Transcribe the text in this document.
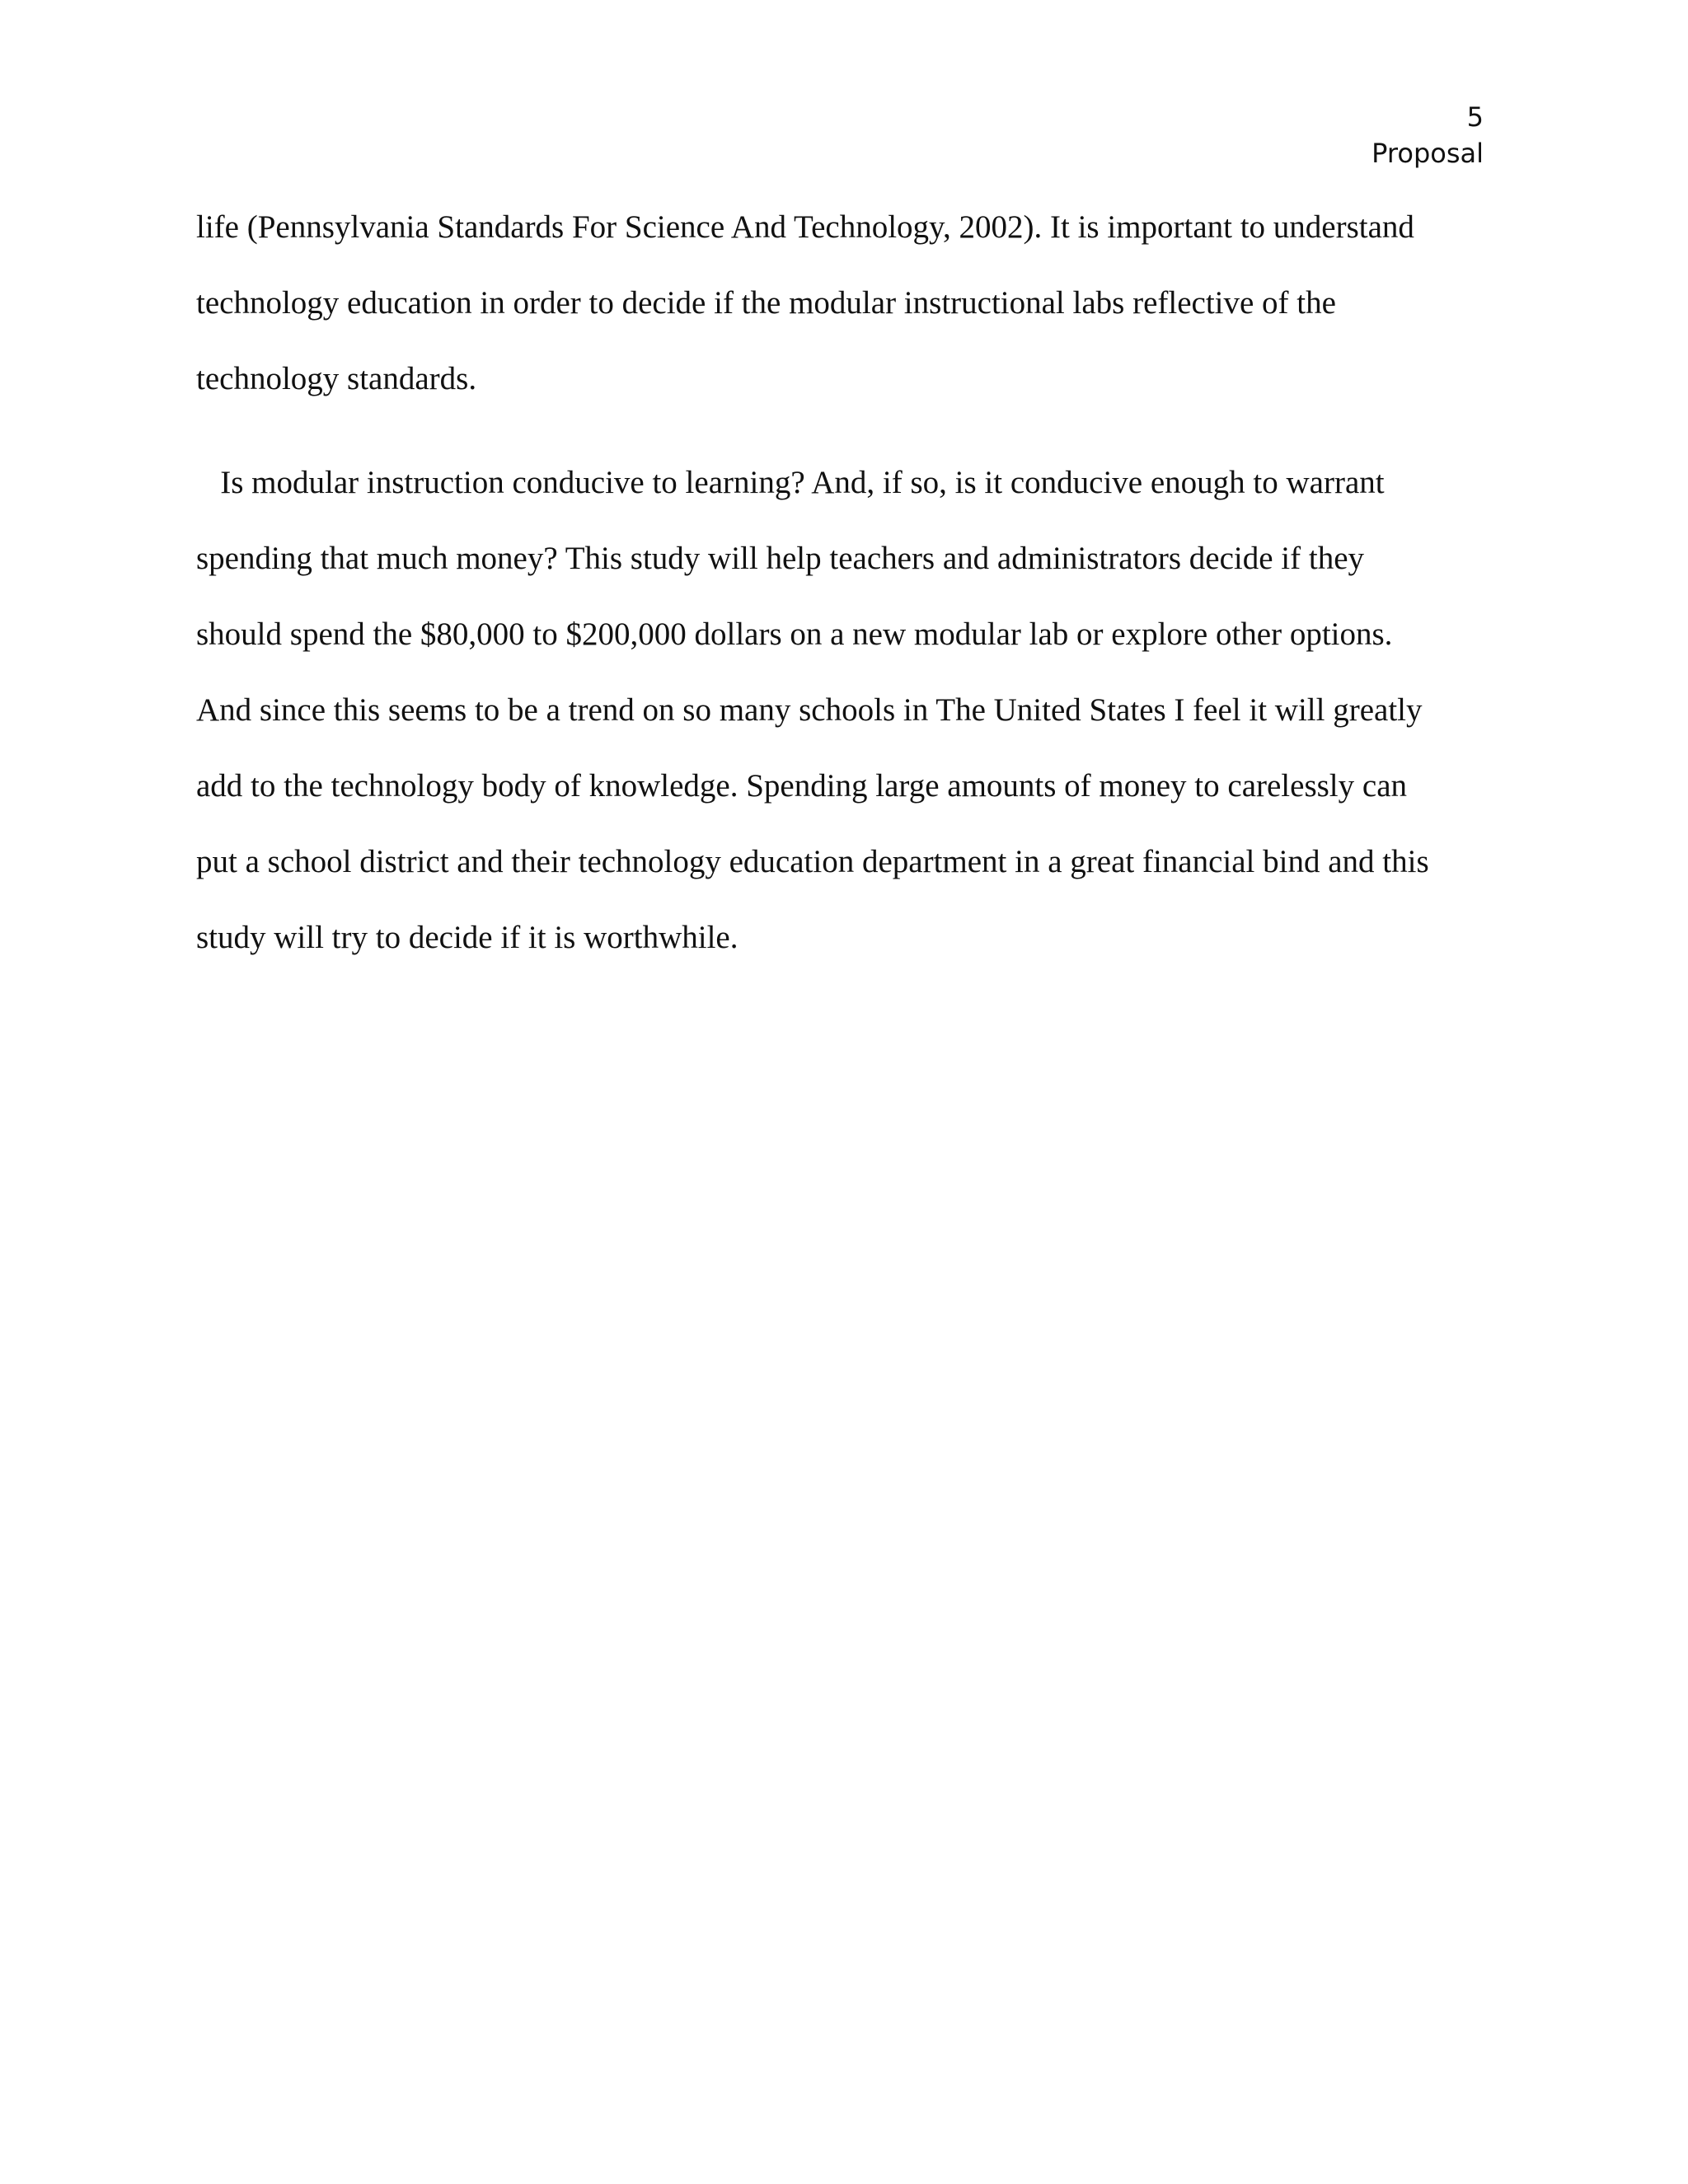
5
Proposal
life (Pennsylvania Standards For Science And Technology, 2002). It is important to understand
technology education in order to decide if the modular instructional labs reflective of the
technology standards.
Is modular instruction conducive to learning? And, if so, is it conducive enough to warrant
spending that much money? This study will help teachers and administrators decide if they
should spend the $80,000 to $200,000 dollars on a new modular lab or explore other options.
And since this seems to be a trend on so many schools in The United States I feel it will greatly
add to the technology body of knowledge. Spending large amounts of money to carelessly can
put a school district and their technology education department in a great financial bind and this
study will try to decide if it is worthwhile.
